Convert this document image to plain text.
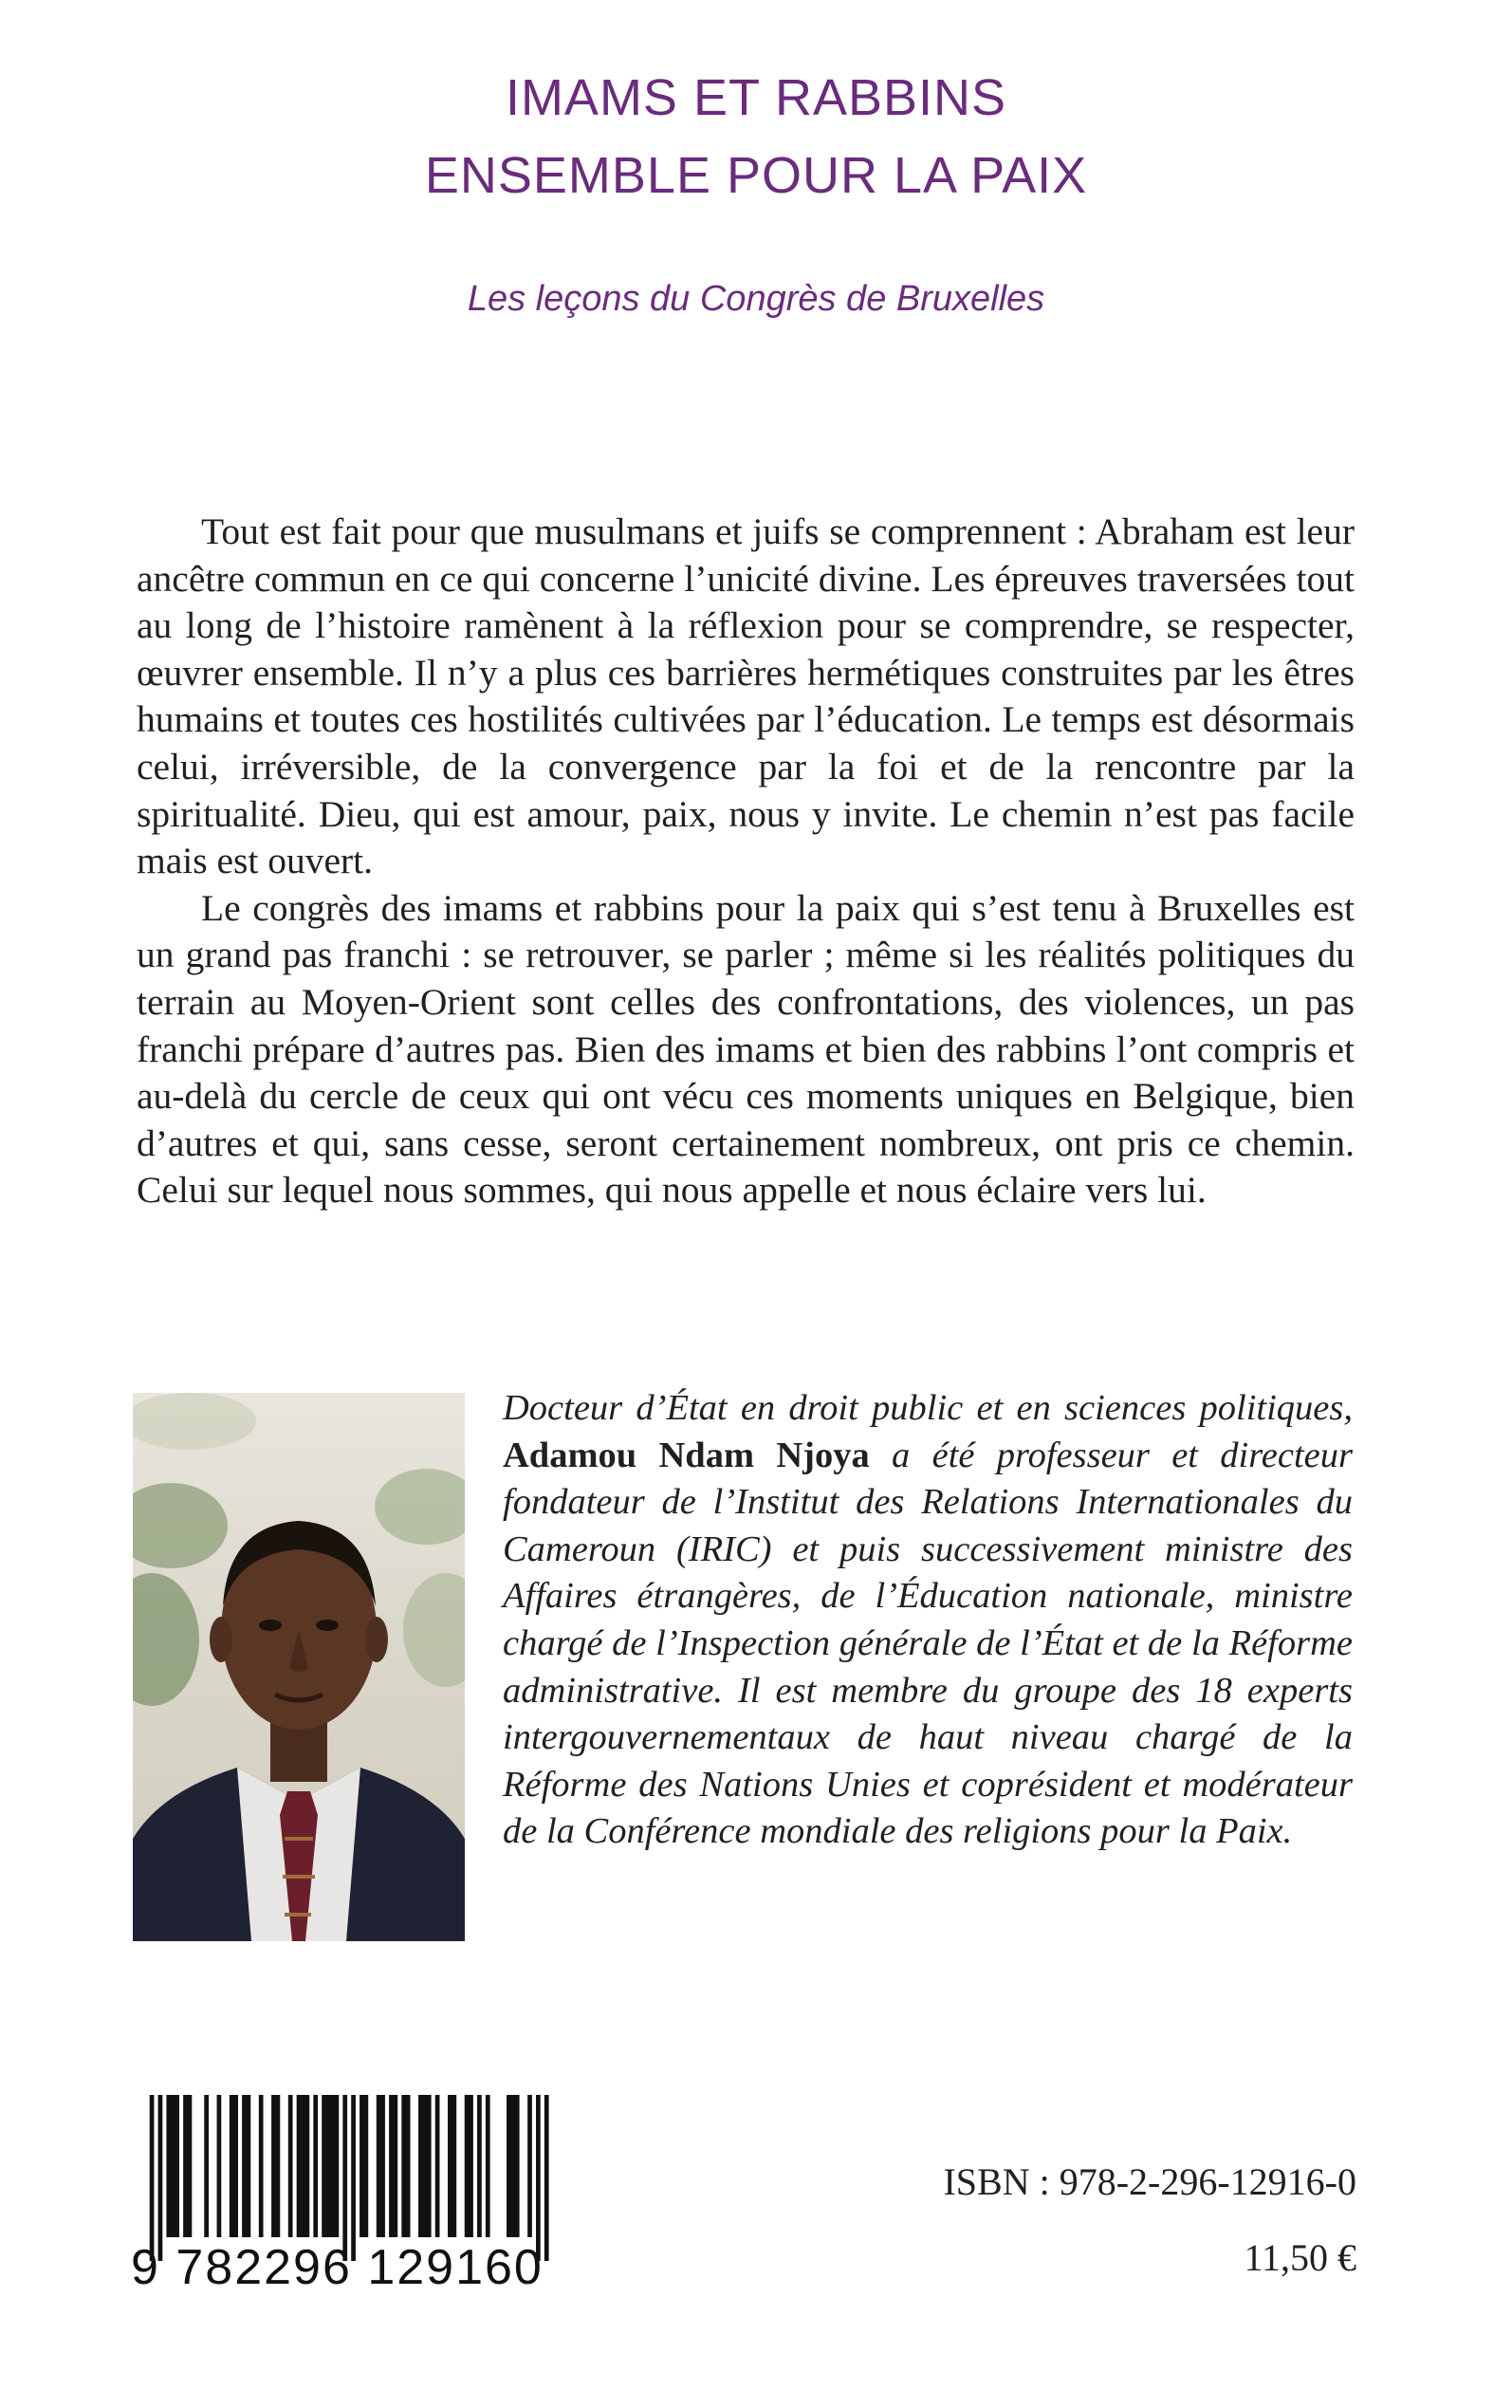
IMAMS ET RABBINS
ENSEMBLE POUR LA PAIX
Les leçons du Congrès de Bruxelles

Tout est fait pour que musulmans et juifs se comprennent : Abraham est leur ancêtre commun en ce qui concerne l’unicité divine. Les épreuves traversées tout au long de l’histoire ramènent à la réflexion pour se comprendre, se respecter, œuvrer ensemble. Il n’y a plus ces barrières hermétiques construites par les êtres humains et toutes ces hostilités cultivées par l’éducation. Le temps est désormais celui, irréversible, de la convergence par la foi et de la rencontre par la spiritualité. Dieu, qui est amour, paix, nous y invite. Le chemin n’est pas facile mais est ouvert.

Le congrès des imams et rabbins pour la paix qui s’est tenu à Bruxelles est un grand pas franchi : se retrouver, se parler ; même si les réalités politiques du terrain au Moyen-Orient sont celles des confrontations, des violences, un pas franchi prépare d’autres pas. Bien des imams et bien des rabbins l’ont compris et au-delà du cercle de ceux qui ont vécu ces moments uniques en Belgique, bien d’autres et qui, sans cesse, seront certainement nombreux, ont pris ce chemin. Celui sur lequel nous sommes, qui nous appelle et nous éclaire vers lui.

Docteur d’État en droit public et en sciences politiques, Adamou Ndam Njoya a été professeur et directeur fondateur de l’Institut des Relations Internationales du Cameroun (IRIC) et puis successivement ministre des Affaires étrangères, de l’Éducation nationale, ministre chargé de l’Inspection générale de l’État et de la Réforme administrative. Il est membre du groupe des 18 experts intergouvernementaux de haut niveau chargé de la Réforme des Nations Unies et coprésident et modérateur de la Conférence mondiale des religions pour la Paix.
9 782296 129160
ISBN : 978-2-296-12916-0
11,50 €
